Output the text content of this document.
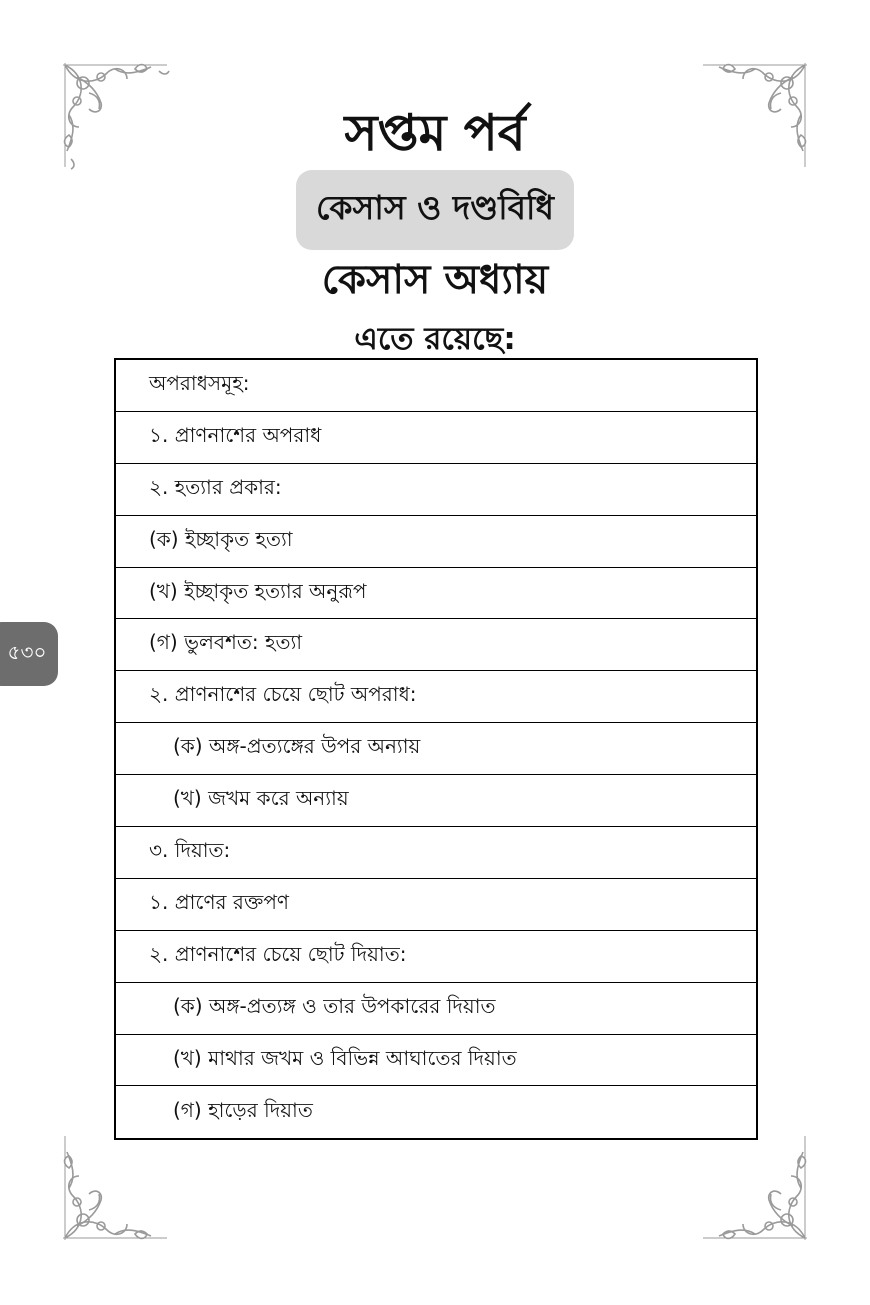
সপ্তম পর্ব
কেসাস ও দণ্ডবিধি
কেসাস অধ্যায়
এতে রয়েছে:
অপরাধসমূহ:
১. প্রাণনাশের অপরাধ
২. হত্যার প্রকার:
(ক) ইচ্ছাকৃত হত্যা
(খ) ইচ্ছাকৃত হত্যার অনুরূপ
(গ) ভুলবশত: হত্যা
২. প্রাণনাশের চেয়ে ছোট অপরাধ:
(ক) অঙ্গ-প্রত্যঙ্গের উপর অন্যায়
(খ) জখম করে অন্যায়
৩. দিয়াত:
১. প্রাণের রক্তপণ
২. প্রাণনাশের চেয়ে ছোট দিয়াত:
(ক) অঙ্গ-প্রত্যঙ্গ ও তার উপকারের দিয়াত
(খ) মাথার জখম ও বিভিন্ন আঘাতের দিয়াত
(গ) হাড়ের দিয়াত
৫৩০
